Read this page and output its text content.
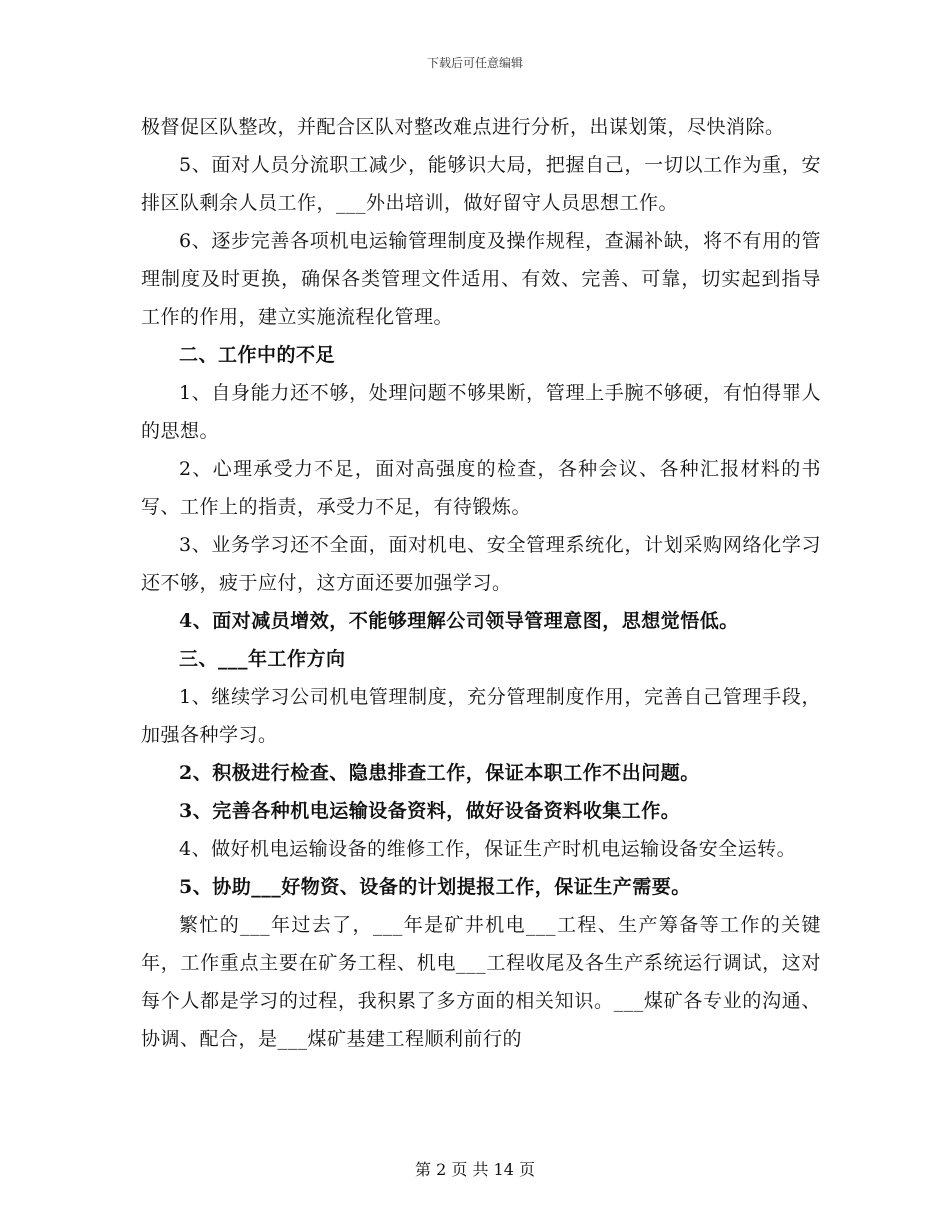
下载后可任意编辑

极督促区队整改，并配合区队对整改难点进行分析，出谋划策，尽快消除。

5、面对人员分流职工减少，能够识大局，把握自己，一切以工作为重，安排区队剩余人员工作，___外出培训，做好留守人员思想工作。

6、逐步完善各项机电运输管理制度及操作规程，查漏补缺，将不有用的管理制度及时更换，确保各类管理文件适用、有效、完善、可靠，切实起到指导工作的作用，建立实施流程化管理。

二、工作中的不足

1、自身能力还不够，处理问题不够果断，管理上手腕不够硬，有怕得罪人的思想。

2、心理承受力不足，面对高强度的检查，各种会议、各种汇报材料的书写、工作上的指责，承受力不足，有待锻炼。

3、业务学习还不全面，面对机电、安全管理系统化，计划采购网络化学习还不够，疲于应付，这方面还要加强学习。

4、面对减员增效，不能够理解公司领导管理意图，思想觉悟低。

三、___年工作方向

1、继续学习公司机电管理制度，充分管理制度作用，完善自己管理手段，加强各种学习。

2、积极进行检查、隐患排查工作，保证本职工作不出问题。

3、完善各种机电运输设备资料，做好设备资料收集工作。

4、做好机电运输设备的维修工作，保证生产时机电运输设备安全运转。

5、协助___好物资、设备的计划提报工作，保证生产需要。

繁忙的___年过去了，___年是矿井机电___工程、生产筹备等工作的关键年，工作重点主要在矿务工程、机电___工程收尾及各生产系统运行调试，这对每个人都是学习的过程，我积累了多方面的相关知识。___煤矿各专业的沟通、协调、配合，是___煤矿基建工程顺利前行的

第 2 页 共 14 页
